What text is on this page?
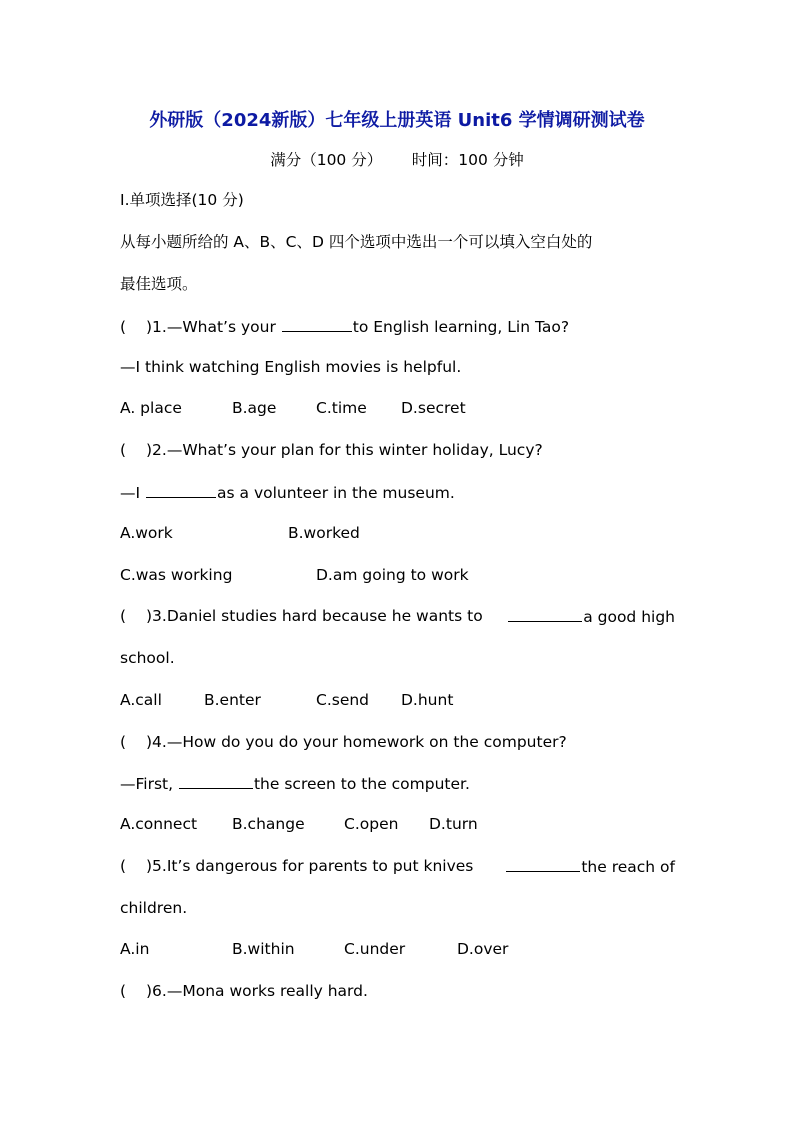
外研版（2024新版）七年级上册英语 Unit6 学情调研测试卷
满分（100 分）      时间：100 分钟
Ⅰ.单项选择(10 分)
从每小题所给的 A、B、C、D 四个选项中选出一个可以填入空白处的
最佳选项。
( )1.—What’s your	to English learning, Lin Tao?
—I think watching English movies is helpful.
A. place	B.age	C.time D.secret
( )2.—What’s your plan for this winter holiday, Lucy?
—I	as a volunteer in the museum.
A.work	B.worked
C.was working	D.am going to work
( )3.Daniel studies hard because he wants to	a good high
school.
A.call	B.enter	C.send D.hunt
( )4.—How do you do your homework on the computer?
—First,	the screen to the computer.
A.connect B.change	C.open D.turn
( )5.It’s dangerous for parents to put knives	the reach of
children.
A.in	B.within	C.under	D.over
( )6.—Mona works really hard.
